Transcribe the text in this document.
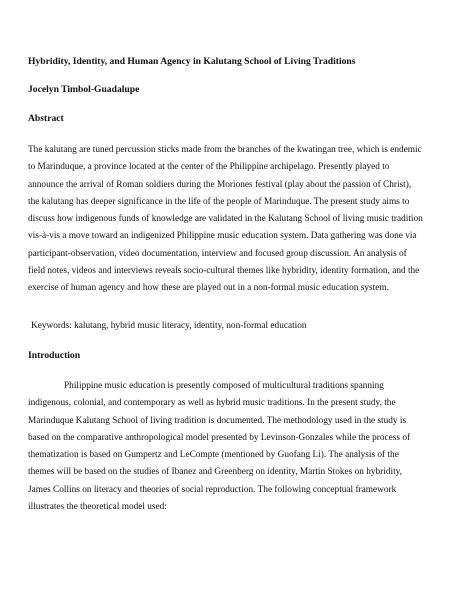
Hybridity, Identity, and Human Agency in Kalutang School of Living Traditions

Jocelyn Timbol-Guadalupe

Abstract

The kalutang are tuned percussion sticks made from the branches of the kwatingan tree, which is endemic
to Marinduque, a province located at the center of the Philippine archipelago. Presently played to
announce the arrival of Roman soldiers during the Moriones festival (play about the passion of Christ),
the kalutang has deeper significance in the life of the people of Marinduque. The present study aims to
discuss how indigenous funds of knowledge are validated in the Kalutang School of living music tradition
vis-à-vis a move toward an indigenized Philippine music education system. Data gathering was done via
participant-observation, video documentation, interview and focused group discussion. An analysis of
field notes, videos and interviews reveals socio-cultural themes like hybridity, identity formation, and the
exercise of human agency and how these are played out in a non-formal music education system.

Keywords: kalutang, hybrid music literacy, identity, non-formal education

Introduction

Philippine music education is presently composed of multicultural traditions spanning
indigenous, colonial, and contemporary as well as hybrid music traditions. In the present study, the
Marinduque Kalutang School of living tradition is documented. The methodology used in the study is
based on the comparative anthropological model presented by Levinson-Gonzales while the process of
thematization is based on Gumpertz and LeCompte (mentioned by Guofang Li). The analysis of the
themes will be based on the studies of Ibanez and Greenberg on identity, Martin Stokes on hybridity,
James Collins on literacy and theories of social reproduction. The following conceptual framework
illustrates the theoretical model used:
